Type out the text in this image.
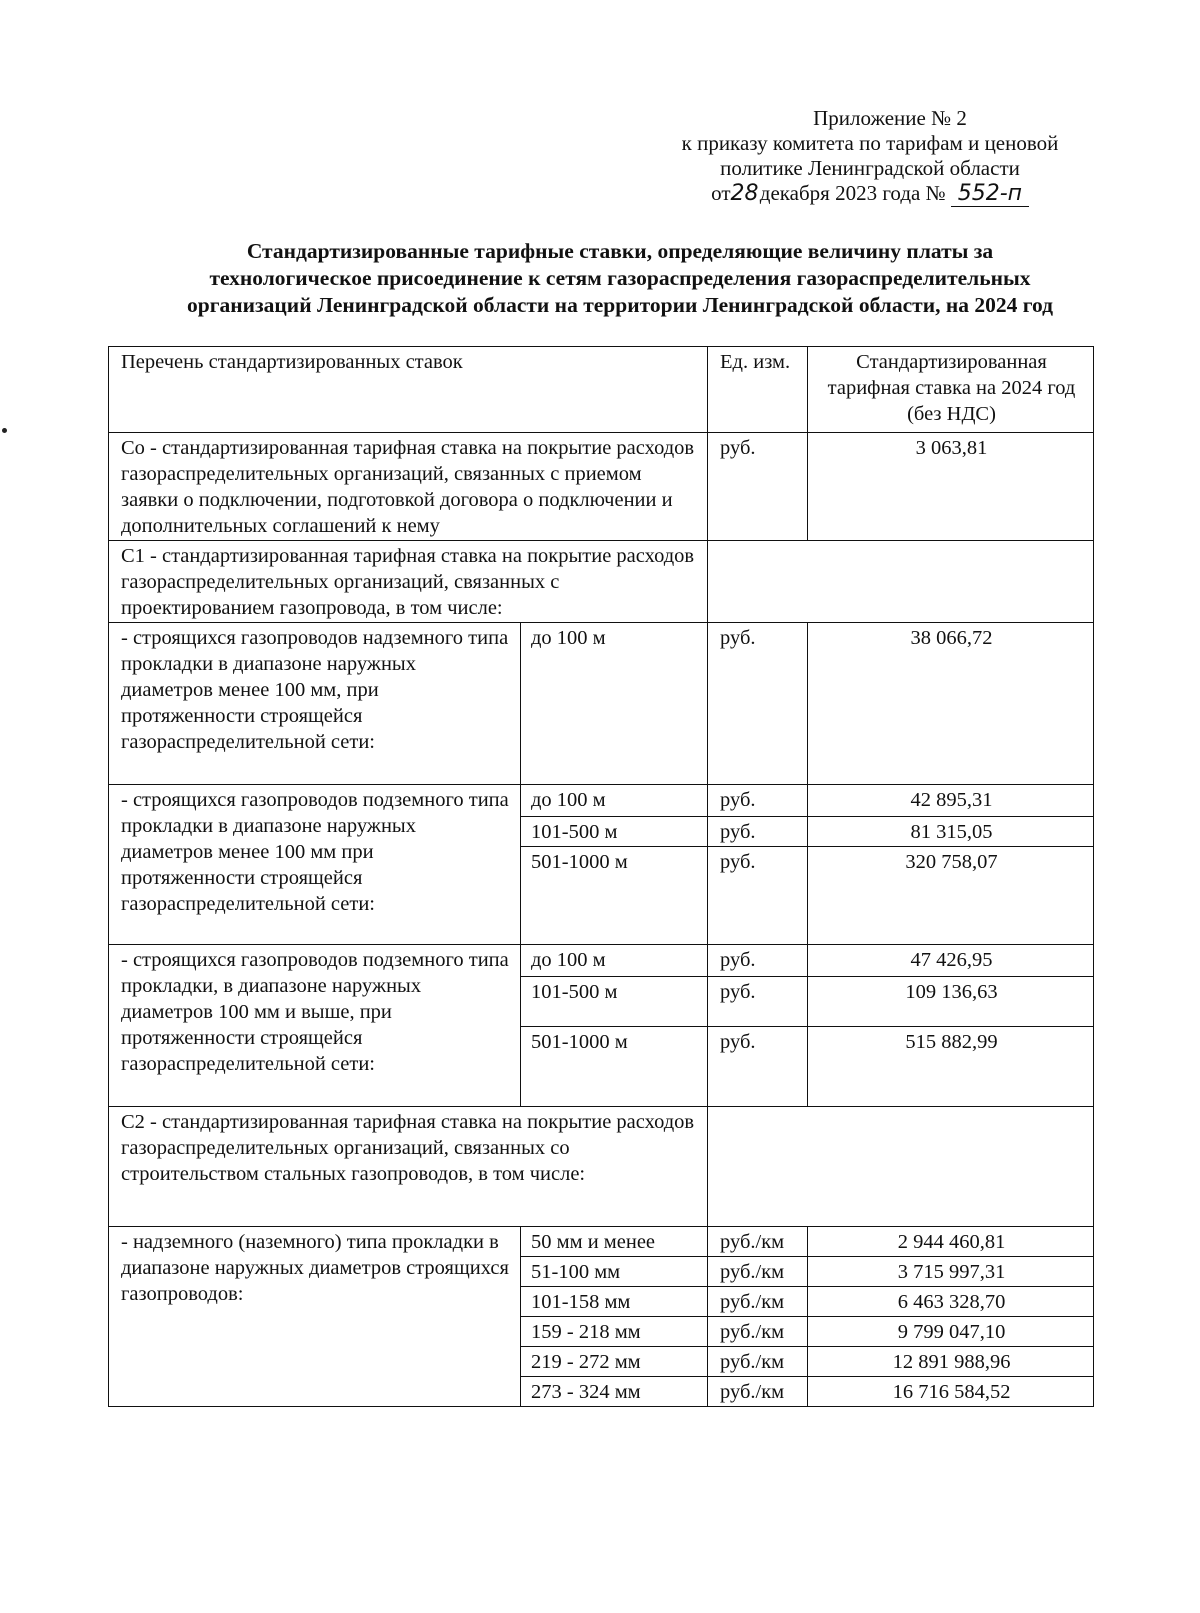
Приложение № 2
к приказу комитета по тарифам и ценовой
политике Ленинградской области
от28 декабря 2023 года № 552-п
Стандартизированные тарифные ставки, определяющие величину платы за
технологическое присоединение к сетям газораспределения газораспределительных
организаций Ленинградской области на территории Ленинградской области, на 2024 год
Перечень стандартизированных ставок		Ед. изм.	Стандартизированная тарифная ставка на 2024 год (без НДС)
Со - стандартизированная тарифная ставка на покрытие расходов газораспределительных организаций, связанных с приемом заявки о подключении, подготовкой договора о подключении и дополнительных соглашений к нему		руб.	3 063,81
С1 - стандартизированная тарифная ставка на покрытие расходов газораспределительных организаций, связанных с проектированием газопровода, в том числе:			
- строящихся газопроводов надземного типа прокладки в диапазоне наружных диаметров менее 100 мм, при протяженности строящейся газораспределительной сети:	до 100 м	руб.	38 066,72
- строящихся газопроводов подземного типа прокладки в диапазоне наружных диаметров менее 100 мм при протяженности строящейся газораспределительной сети:	до 100 м	руб.	42 895,31
	101-500 м	руб.	81 315,05
	501-1000 м	руб.	320 758,07
- строящихся газопроводов подземного типа прокладки, в диапазоне наружных диаметров 100 мм и выше, при протяженности строящейся газораспределительной сети:	до 100 м	руб.	47 426,95
	101-500 м	руб.	109 136,63
	501-1000 м	руб.	515 882,99
С2 - стандартизированная тарифная ставка на покрытие расходов газораспределительных организаций, связанных со строительством стальных газопроводов, в том числе:			
- надземного (наземного) типа прокладки в диапазоне наружных диаметров строящихся газопроводов:	50 мм и менее	руб./км	2 944 460,81
	51-100 мм	руб./км	3 715 997,31
	101-158 мм	руб./км	6 463 328,70
	159 - 218 мм	руб./км	9 799 047,10
	219 - 272 мм	руб./км	12 891 988,96
	273 - 324 мм	руб./км	16 716 584,52
